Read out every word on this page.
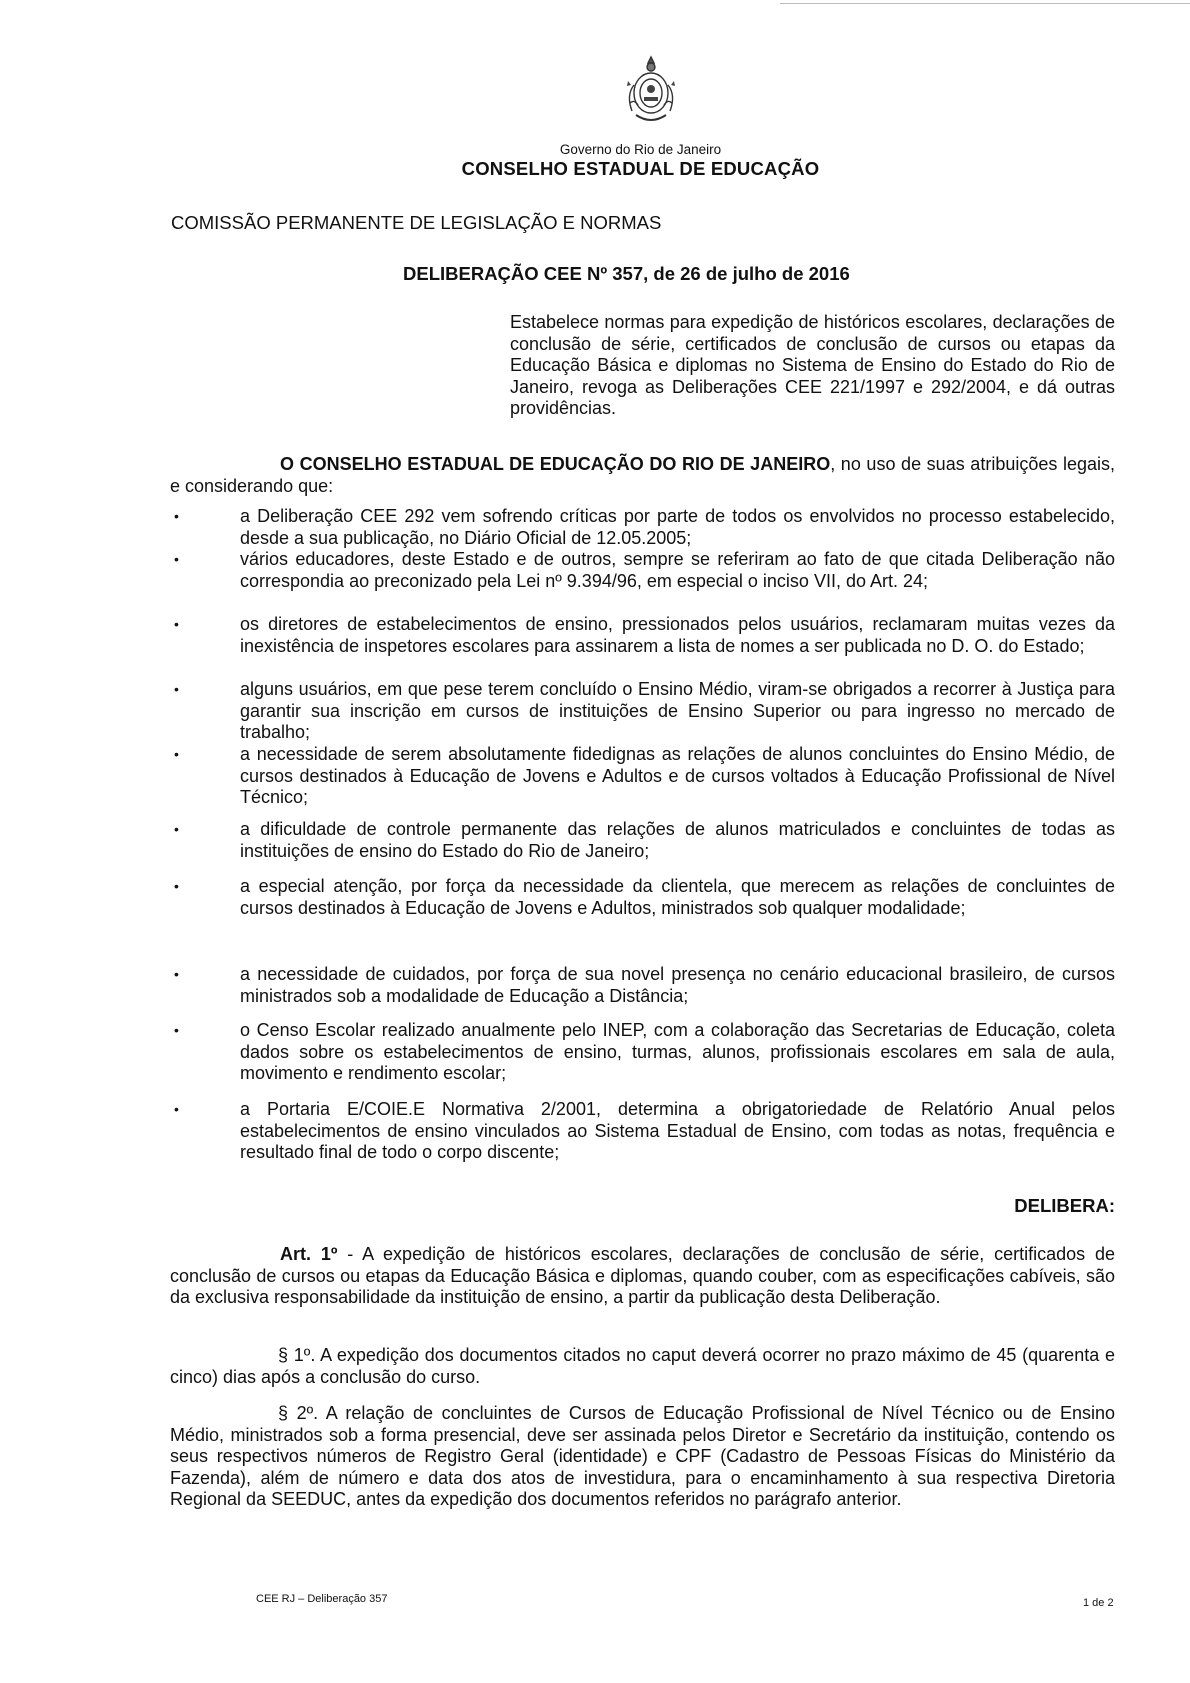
Governo do Rio de Janeiro
CONSELHO ESTADUAL DE EDUCAÇÃO
COMISSÃO PERMANENTE DE LEGISLAÇÃO E NORMAS
DELIBERAÇÃO CEE Nº 357, de 26 de julho de 2016
Estabelece normas para expedição de históricos escolares, declarações de conclusão de série, certificados de conclusão de cursos ou etapas da Educação Básica e diplomas no Sistema de Ensino do Estado do Rio de Janeiro, revoga as Deliberações CEE 221/1997 e 292/2004, e dá outras providências.
O CONSELHO ESTADUAL DE EDUCAÇÃO DO RIO DE JANEIRO, no uso de suas atribuições legais, e considerando que:
•	a Deliberação CEE 292 vem sofrendo críticas por parte de todos os envolvidos no processo estabelecido, desde a sua publicação, no Diário Oficial de 12.05.2005;
•	vários educadores, deste Estado e de outros, sempre se referiram ao fato de que citada Deliberação não correspondia ao preconizado pela Lei nº 9.394/96, em especial o inciso VII, do Art. 24;
•	os diretores de estabelecimentos de ensino, pressionados pelos usuários, reclamaram muitas vezes da inexistência de inspetores escolares para assinarem a lista de nomes a ser publicada no D. O. do Estado;
•	alguns usuários, em que pese terem concluído o Ensino Médio, viram-se obrigados a recorrer à Justiça para garantir sua inscrição em cursos de instituições de Ensino Superior ou para ingresso no mercado de trabalho;
•	a necessidade de serem absolutamente fidedignas as relações de alunos concluintes do Ensino Médio, de cursos destinados à Educação de Jovens e Adultos e de cursos voltados à Educação Profissional de Nível Técnico;
•	a dificuldade de controle permanente das relações de alunos matriculados e concluintes de todas as instituições de ensino do Estado do Rio de Janeiro;
•	a especial atenção, por força da necessidade da clientela, que merecem as relações de concluintes de cursos destinados à Educação de Jovens e Adultos, ministrados sob qualquer modalidade;
•	a necessidade de cuidados, por força de sua novel presença no cenário educacional brasileiro, de cursos ministrados sob a modalidade de Educação a Distância;
•	o Censo Escolar realizado anualmente pelo INEP, com a colaboração das Secretarias de Educação, coleta dados sobre os estabelecimentos de ensino, turmas, alunos, profissionais escolares em sala de aula, movimento e rendimento escolar;
•	a Portaria E/COIE.E Normativa 2/2001, determina a obrigatoriedade de Relatório Anual pelos estabelecimentos de ensino vinculados ao Sistema Estadual de Ensino, com todas as notas, frequência e resultado final de todo o corpo discente;
DELIBERA:
Art. 1º - A expedição de históricos escolares, declarações de conclusão de série, certificados de conclusão de cursos ou etapas da Educação Básica e diplomas, quando couber, com as especificações cabíveis, são da exclusiva responsabilidade da instituição de ensino, a partir da publicação desta Deliberação.
§ 1º. A expedição dos documentos citados no caput deverá ocorrer no prazo máximo de 45 (quarenta e cinco) dias após a conclusão do curso.
§ 2º. A relação de concluintes de Cursos de Educação Profissional de Nível Técnico ou de Ensino Médio, ministrados sob a forma presencial, deve ser assinada pelos Diretor e Secretário da instituição, contendo os seus respectivos números de Registro Geral (identidade) e CPF (Cadastro de Pessoas Físicas do Ministério da Fazenda), além de número e data dos atos de investidura, para o encaminhamento à sua respectiva Diretoria Regional da SEEDUC, antes da expedição dos documentos referidos no parágrafo anterior.
CEE RJ – Deliberação 357	1 de 2
